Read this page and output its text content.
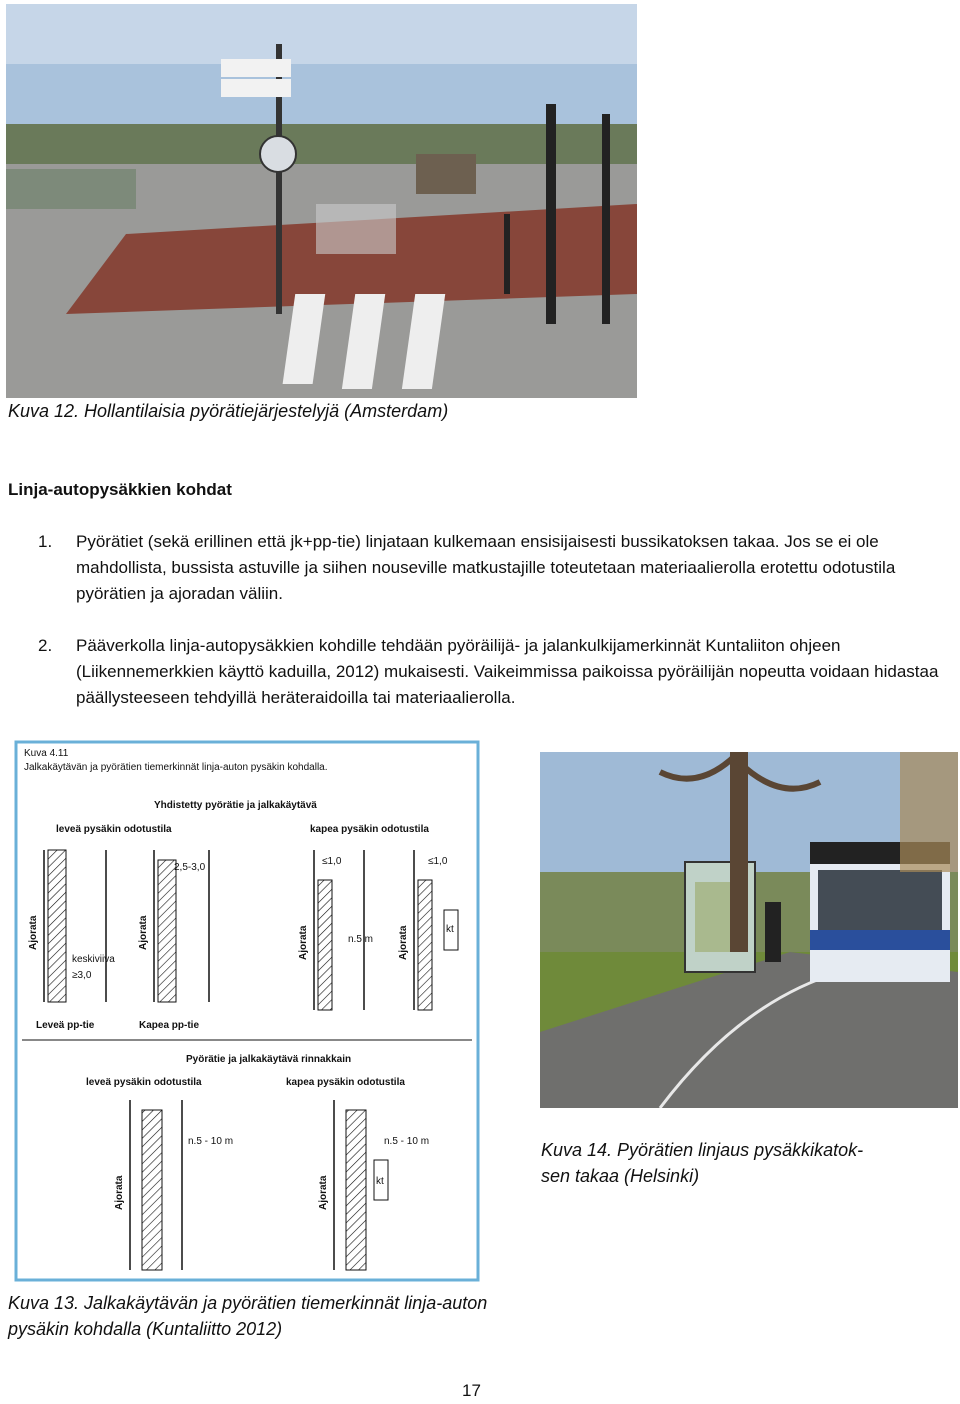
Kuva 12. Hollantilaisia pyörätiejärjestelyjä (Amsterdam)
Linja-autopysäkkien kohdat
1. Pyörätiet (sekä erillinen että jk+pp-tie) linjataan kulkemaan ensisijaisesti bussikatoksen takaa. Jos se ei ole mahdollista, bussista astuville ja siihen nouseville matkustajille toteutetaan materiaalierolla erotettu odotustila pyörätien ja ajoradan väliin.
2. Pääverkolla linja-autopysäkkien kohdille tehdään pyöräilijä- ja jalankulkijamerkinnät Kuntaliiton ohjeen (Liikennemerkkien käyttö kaduilla, 2012) mukaisesti. Vaikeimmissa paikoissa pyöräilijän nopeutta voidaan hidastaa päällysteeseen tehdyillä heräteraidoilla tai materiaalierolla.
Kuva 4.11
Jalkakäytävän ja pyörätien tiemerkinnät linja-auton pysäkin kohdalla.
Yhdistetty pyörätie ja jalkakäytävä
leveä pysäkin odotustila	kapea pysäkin odotustila
Ajorata
keskiviiva
≥3,0
Leveä pp-tie
2,5-3,0
Ajorata
Kapea pp-tie
≤1,0
n.5 m
Ajorata
≤1,0
kt
Ajorata
Pyörätie ja jalkakäytävä rinnakkain
leveä pysäkin odotustila	kapea pysäkin odotustila
n.5 - 10 m
Ajorata
n.5 - 10 m
kt
Ajorata
Kuva 13. Jalkakäytävän ja pyörätien tiemerkinnät linja-auton
pysäkin kohdalla (Kuntaliitto 2012)
Kuva 14. Pyörätien linjaus pysäkkikatok-
sen takaa (Helsinki)
17
